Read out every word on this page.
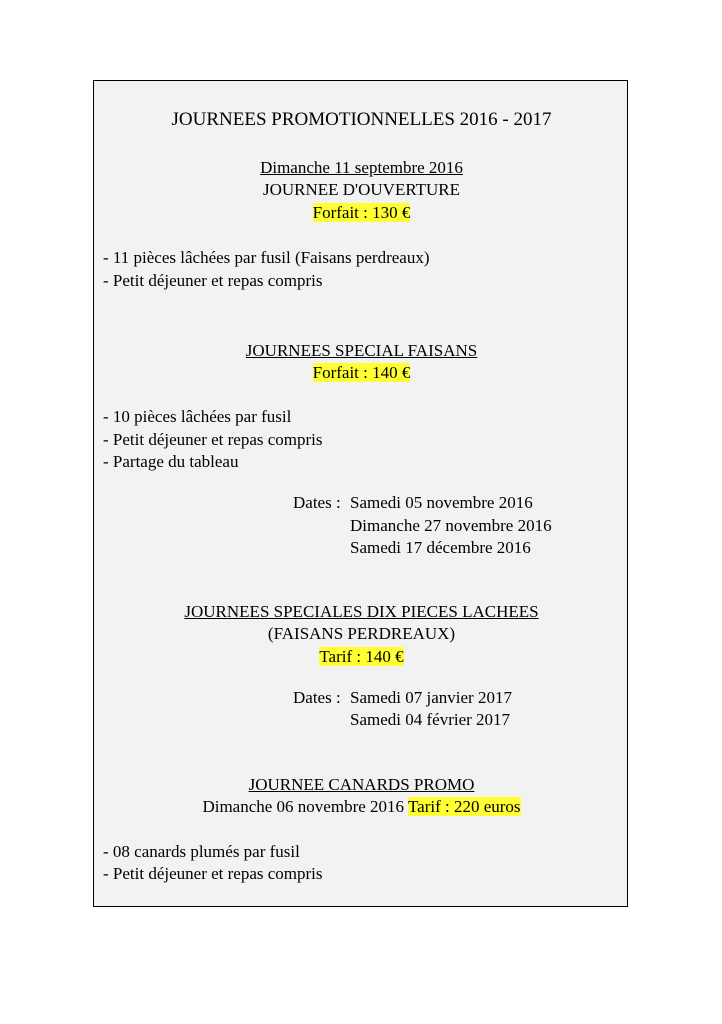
JOURNEES PROMOTIONNELLES 2016 - 2017
Dimanche 11 septembre 2016
JOURNEE D'OUVERTURE
Forfait : 130 €
- 11 pièces lâchées par fusil (Faisans perdreaux)
- Petit déjeuner et repas compris
JOURNEES SPECIAL FAISANS
Forfait : 140 €
- 10 pièces lâchées par fusil
- Petit déjeuner et repas compris
- Partage du tableau
Dates : Samedi 05 novembre 2016
Dimanche 27 novembre 2016
Samedi 17 décembre 2016
JOURNEES SPECIALES DIX PIECES LACHEES
(FAISANS PERDREAUX)
Tarif : 140 €
Dates : Samedi 07 janvier 2017
Samedi 04 février 2017
JOURNEE CANARDS PROMO
Dimanche 06 novembre 2016 Tarif : 220 euros
- 08 canards plumés par fusil
- Petit déjeuner et repas compris
